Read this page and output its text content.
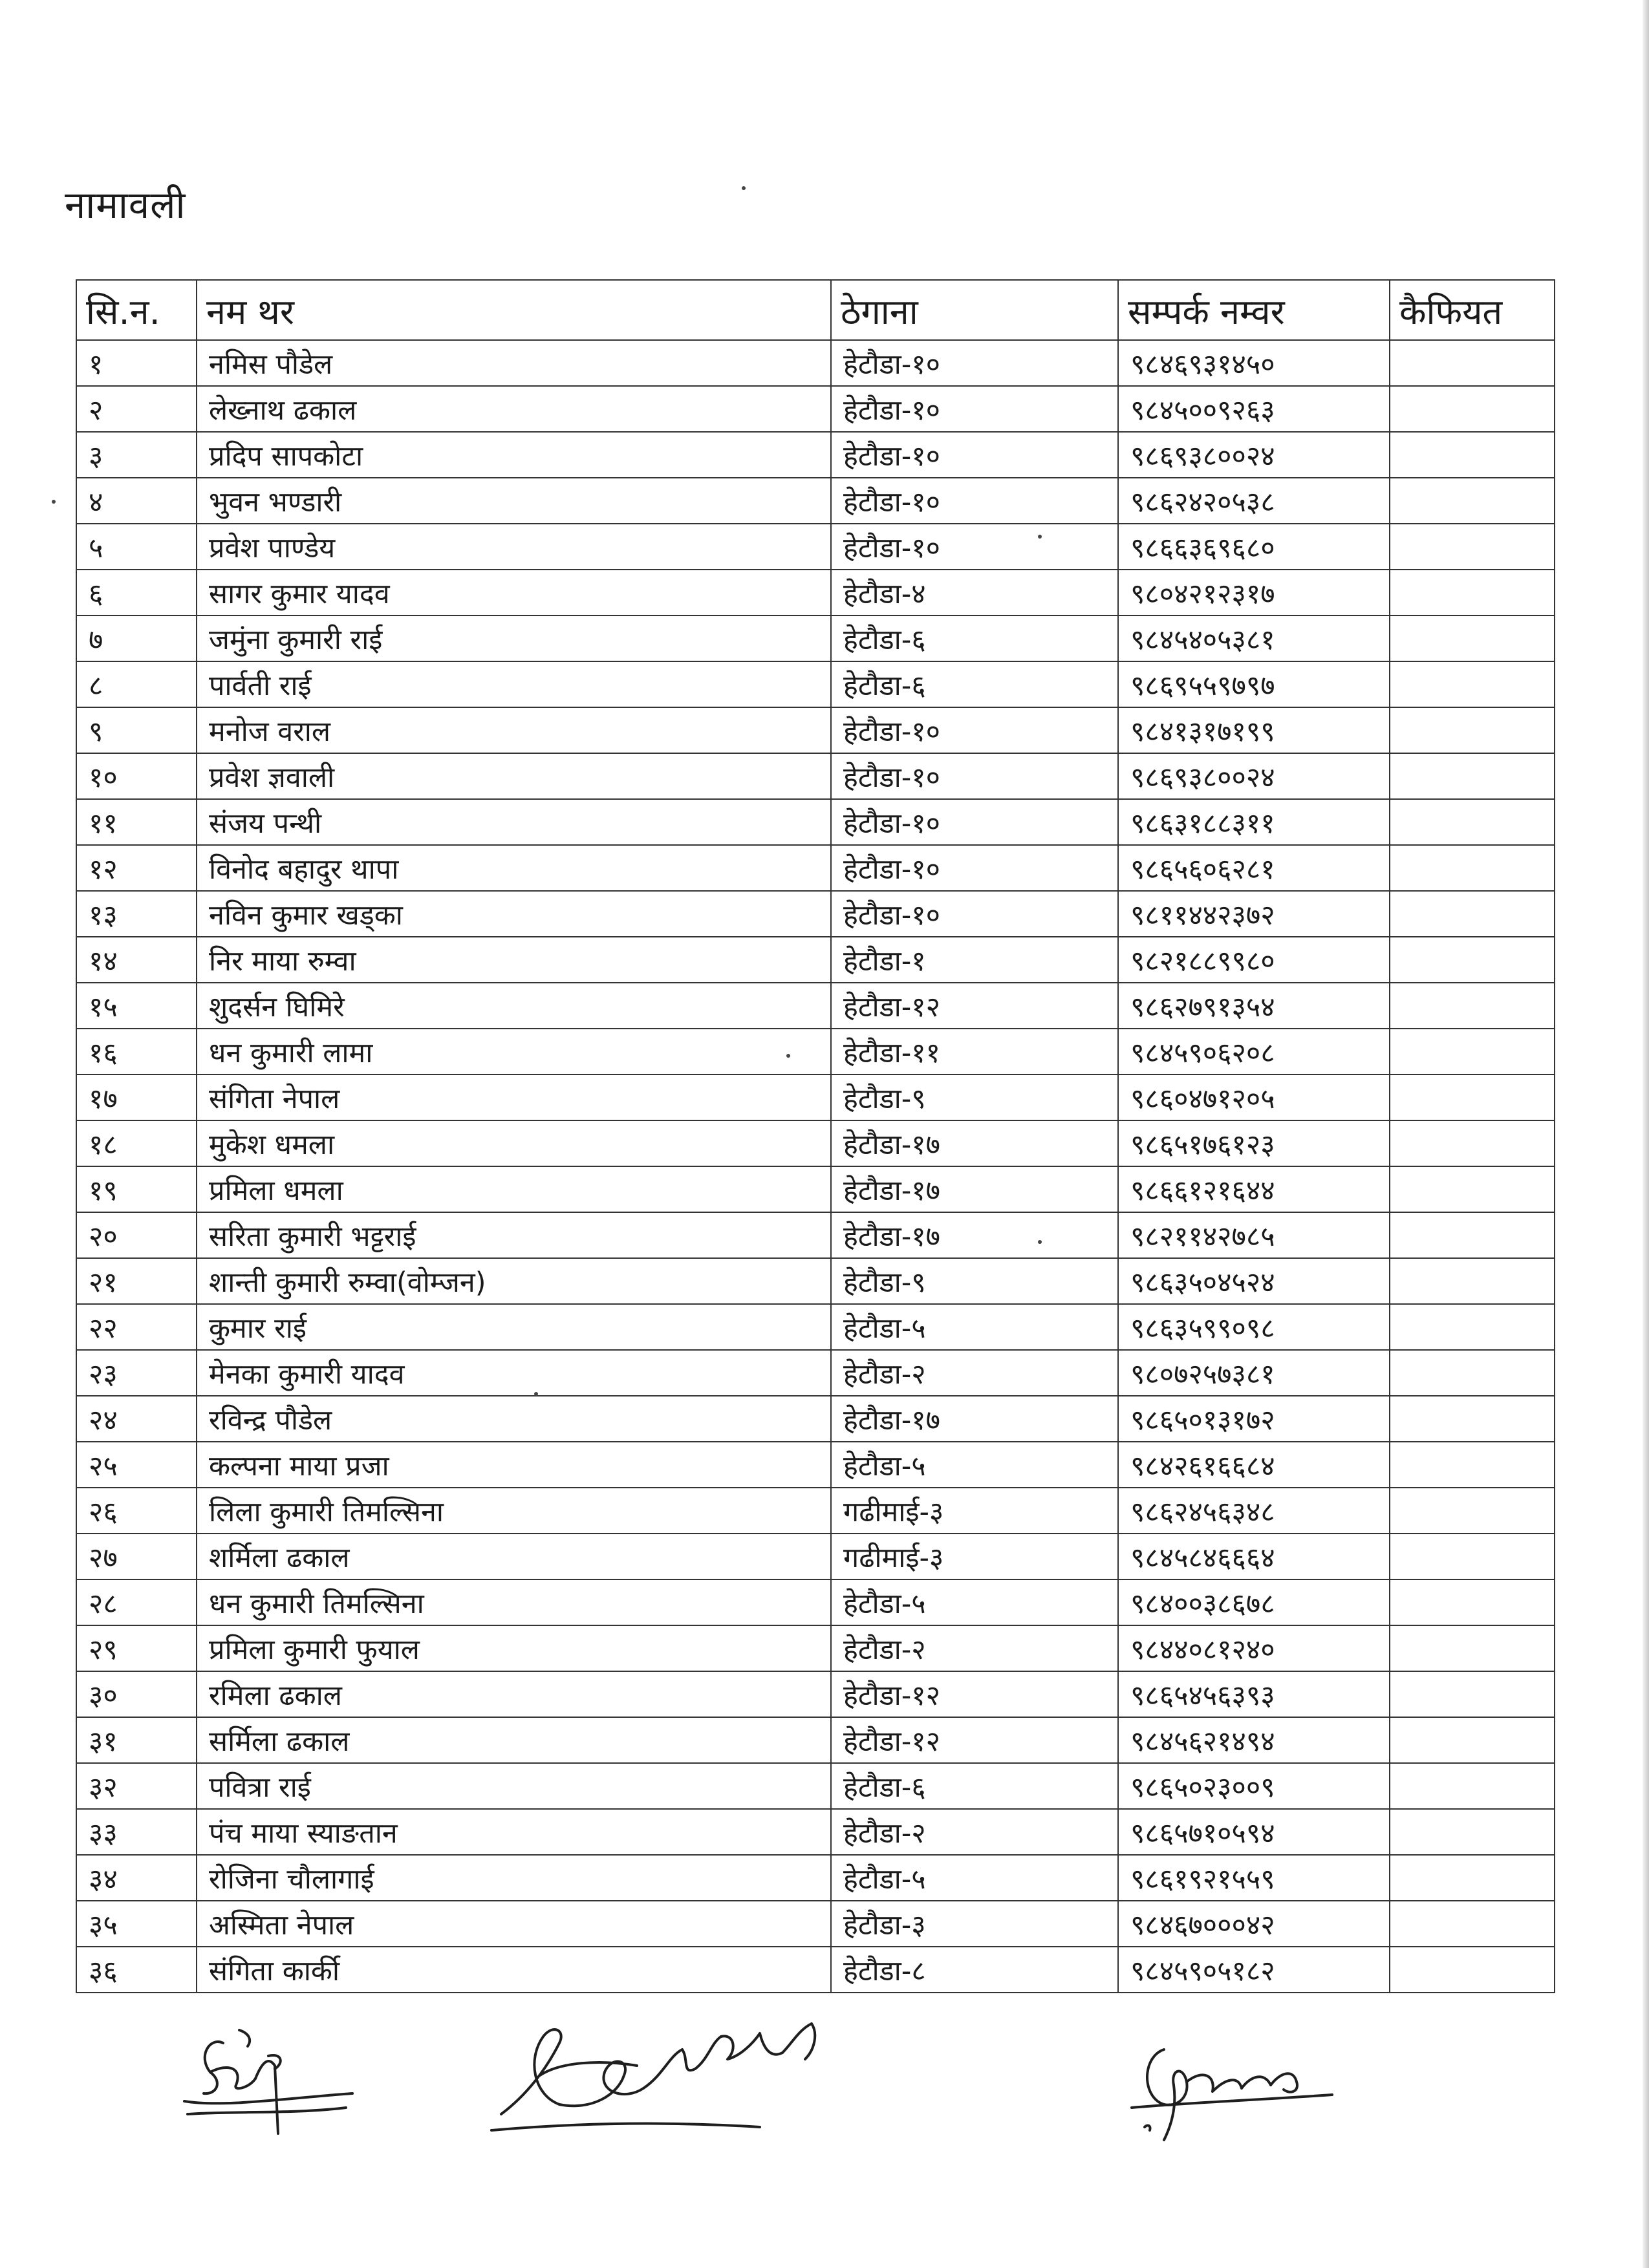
नामावली
सि.न.	नम थर	ठेगाना	सम्पर्क नम्वर	कैफियत
१	नमिस पौडेल	हेटौडा-१०	९८४६९३१४५०	
२	लेख्नाथ ढकाल	हेटौडा-१०	९८४५००९२६३	
३	प्रदिप सापकोटा	हेटौडा-१०	९८६९३८००२४	
४	भुवन भण्डारी	हेटौडा-१०	९८६२४२०५३८	
५	प्रवेश पाण्डेय	हेटौडा-१०	९८६६३६९६८०	
६	सागर कुमार यादव	हेटौडा-४	९८०४२१२३१७	
७	जमुंना कुमारी राई	हेटौडा-६	९८४५४०५३८१	
८	पार्वती राई	हेटौडा-६	९८६९५५९७९७	
९	मनोज वराल	हेटौडा-१०	९८४१३१७१९९	
१०	प्रवेश ज्ञवाली	हेटौडा-१०	९८६९३८००२४	
११	संजय पन्थी	हेटौडा-१०	९८६३१८८३११	
१२	विनोद बहादुर थापा	हेटौडा-१०	९८६५६०६२८१	
१३	नविन कुमार खड्का	हेटौडा-१०	९८११४४२३७२	
१४	निर माया रुम्वा	हेटौडा-१	९८२१८८९९८०	
१५	शुदर्सन घिमिरे	हेटौडा-१२	९८६२७९१३५४	
१६	धन कुमारी लामा	हेटौडा-११	९८४५९०६२०८	
१७	संगिता नेपाल	हेटौडा-९	९८६०४७१२०५	
१८	मुकेश धमला	हेटौडा-१७	९८६५१७६१२३	
१९	प्रमिला धमला	हेटौडा-१७	९८६६१२१६४४	
२०	सरिता कुमारी भट्टराई	हेटौडा-१७	९८२११४२७८५	
२१	शान्ती कुमारी रुम्वा(वोम्जन)	हेटौडा-९	९८६३५०४५२४	
२२	कुमार राई	हेटौडा-५	९८६३५९९०९८	
२३	मेनका कुमारी यादव	हेटौडा-२	९८०७२५७३८१	
२४	रविन्द्र पौडेल	हेटौडा-१७	९८६५०१३१७२	
२५	कल्पना माया प्रजा	हेटौडा-५	९८४२६१६६८४	
२६	लिला कुमारी तिमल्सिना	गढीमाई-३	९८६२४५६३४८	
२७	शर्मिला ढकाल	गढीमाई-३	९८४५८४६६६४	
२८	धन कुमारी तिमल्सिना	हेटौडा-५	९८४००३८६७८	
२९	प्रमिला कुमारी फुयाल	हेटौडा-२	९८४४०८१२४०	
३०	रमिला ढकाल	हेटौडा-१२	९८६५४५६३९३	
३१	सर्मिला ढकाल	हेटौडा-१२	९८४५६२१४९४	
३२	पवित्रा राई	हेटौडा-६	९८६५०२३००९	
३३	पंच माया स्याङतान	हेटौडा-२	९८६५७१०५९४	
३४	रोजिना चौलागाई	हेटौडा-५	९८६१९२१५५९	
३५	अस्मिता नेपाल	हेटौडा-३	९८४६७०००४२	
३६	संगिता कार्की	हेटौडा-८	९८४५९०५१८२	
